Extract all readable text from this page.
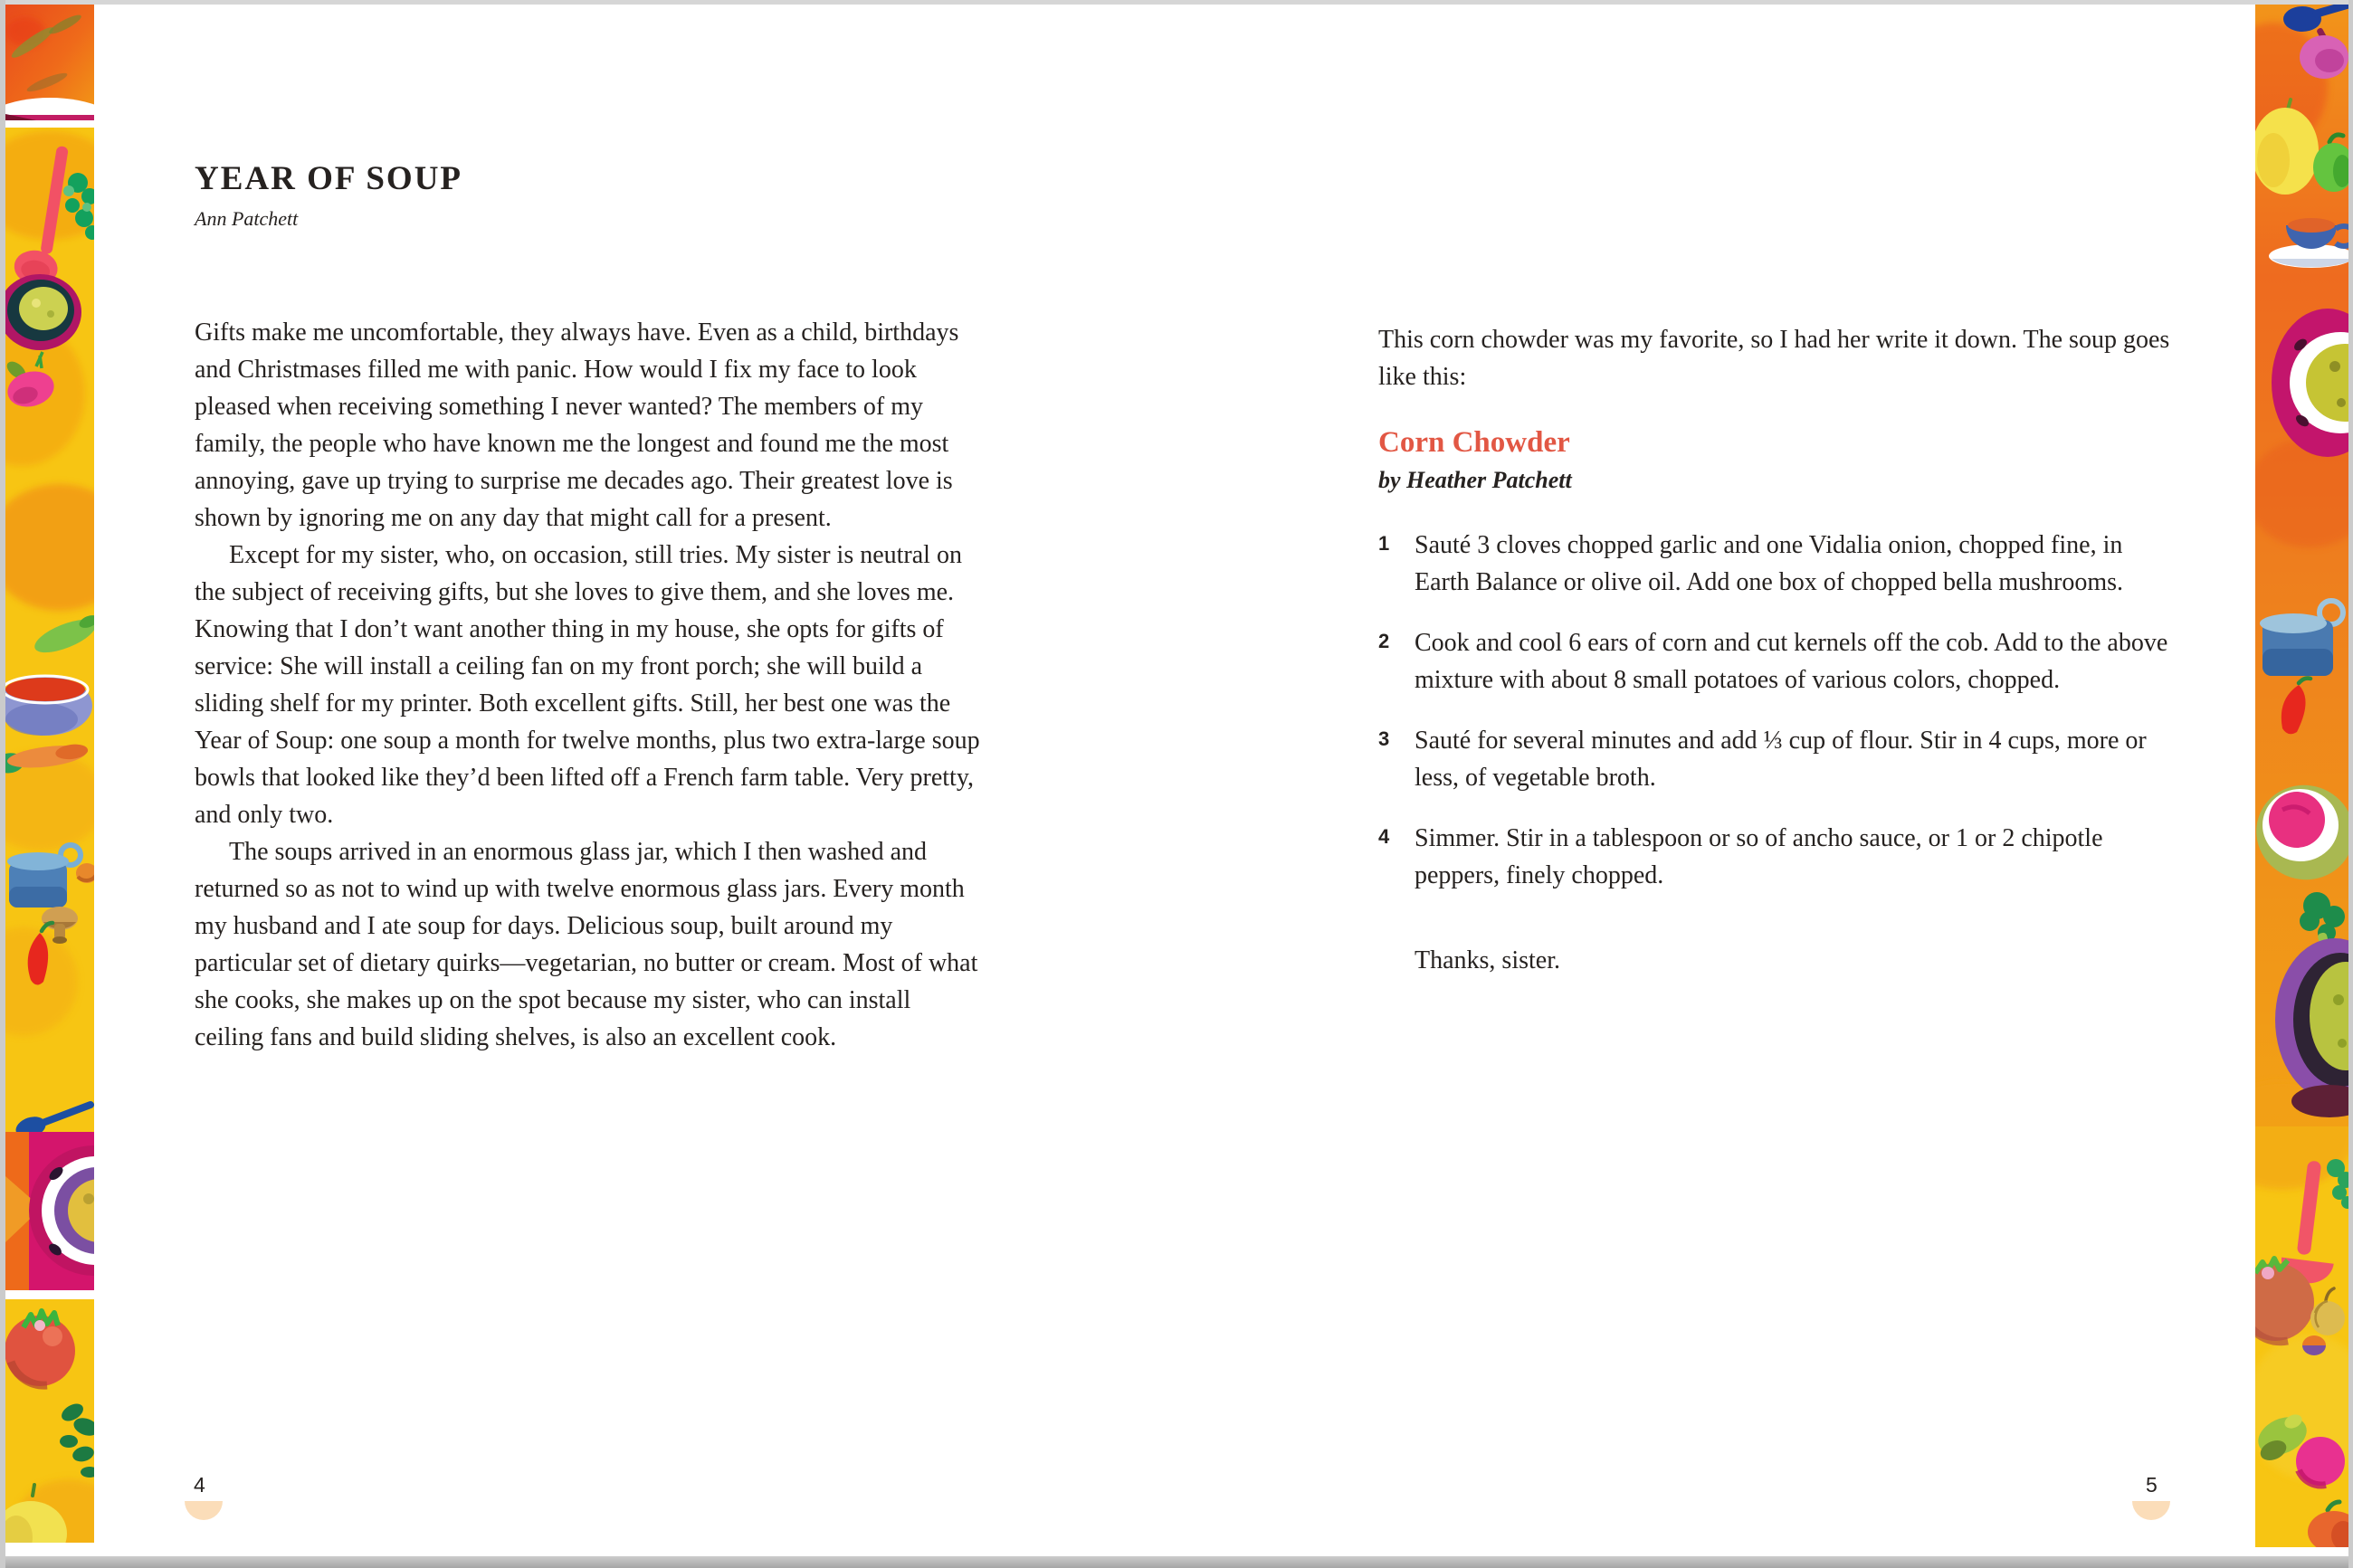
YEAR OF SOUP

Ann Patchett

Gifts make me uncomfortable, they always have. Even as a child, birthdays and Christmases filled me with panic. How would I fix my face to look pleased when receiving something I never wanted? The members of my family, the people who have known me the longest and found me the most annoying, gave up trying to surprise me decades ago. Their greatest love is shown by ignoring me on any day that might call for a present.

Except for my sister, who, on occasion, still tries. My sister is neutral on the subject of receiving gifts, but she loves to give them, and she loves me. Knowing that I don’t want another thing in my house, she opts for gifts of service: She will install a ceiling fan on my front porch; she will build a sliding shelf for my printer. Both excellent gifts. Still, her best one was the Year of Soup: one soup a month for twelve months, plus two extra-large soup bowls that looked like they’d been lifted off a French farm table. Very pretty, and only two.

The soups arrived in an enormous glass jar, which I then washed and returned so as not to wind up with twelve enormous glass jars. Every month my husband and I ate soup for days. Delicious soup, built around my particular set of dietary quirks—vegetarian, no butter or cream. Most of what she cooks, she makes up on the spot because my sister, who can install ceiling fans and build sliding shelves, is also an excellent cook.

This corn chowder was my favorite, so I had her write it down. The soup goes like this:

Corn Chowder

by Heather Patchett

1 Sauté 3 cloves chopped garlic and one Vidalia onion, chopped fine, in Earth Balance or olive oil. Add one box of chopped bella mushrooms.
2 Cook and cool 6 ears of corn and cut kernels off the cob. Add to the above mixture with about 8 small potatoes of various colors, chopped.
3 Sauté for several minutes and add ⅓ cup of flour. Stir in 4 cups, more or less, of vegetable broth.
4 Simmer. Stir in a tablespoon or so of ancho sauce, or 1 or 2 chipotle peppers, finely chopped.

Thanks, sister.

4	5
